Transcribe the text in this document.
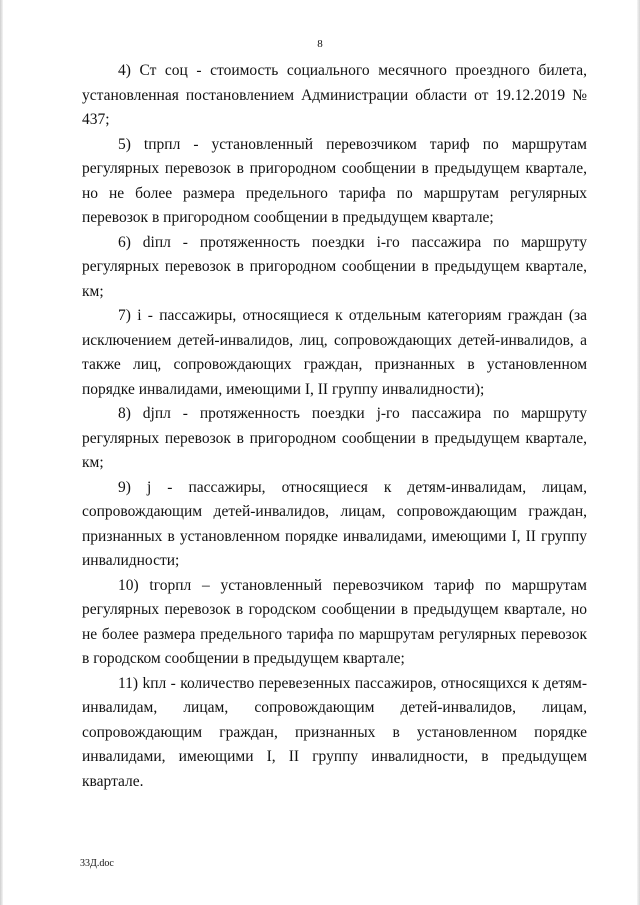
8

4) Ст соц - стоимость социального месячного проездного билета, установленная постановлением Администрации области от 19.12.2019 № 437;

5) tпрпл - установленный перевозчиком тариф по маршрутам регулярных перевозок в пригородном сообщении в предыдущем квартале, но не более размера предельного тарифа по маршрутам регулярных перевозок в пригородном сообщении в предыдущем квартале;

6) diпл - протяженность поездки i-го пассажира по маршруту регулярных перевозок в пригородном сообщении в предыдущем квартале, км;

7) i - пассажиры, относящиеся к отдельным категориям граждан (за исключением детей-инвалидов, лиц, сопровождающих детей-инвалидов, а также лиц, сопровождающих граждан, признанных в установленном порядке инвалидами, имеющими I, II группу инвалидности);

8) djпл - протяженность поездки j-го пассажира по маршруту регулярных перевозок в пригородном сообщении в предыдущем квартале, км;

9) j - пассажиры, относящиеся к детям-инвалидам, лицам, сопровождающим детей-инвалидов, лицам, сопровождающим граждан, признанных в установленном порядке инвалидами, имеющими I, II группу инвалидности;

10) tгорпл – установленный перевозчиком тариф по маршрутам регулярных перевозок в городском сообщении в предыдущем квартале, но не более размера предельного тарифа по маршрутам регулярных перевозок в городском сообщении в предыдущем квартале;

11) kпл - количество перевезенных пассажиров, относящихся к детям-инвалидам, лицам, сопровождающим детей-инвалидов, лицам, сопровождающим граждан, признанных в установленном порядке инвалидами, имеющими I, II группу инвалидности, в предыдущем квартале.

33Д.doc
